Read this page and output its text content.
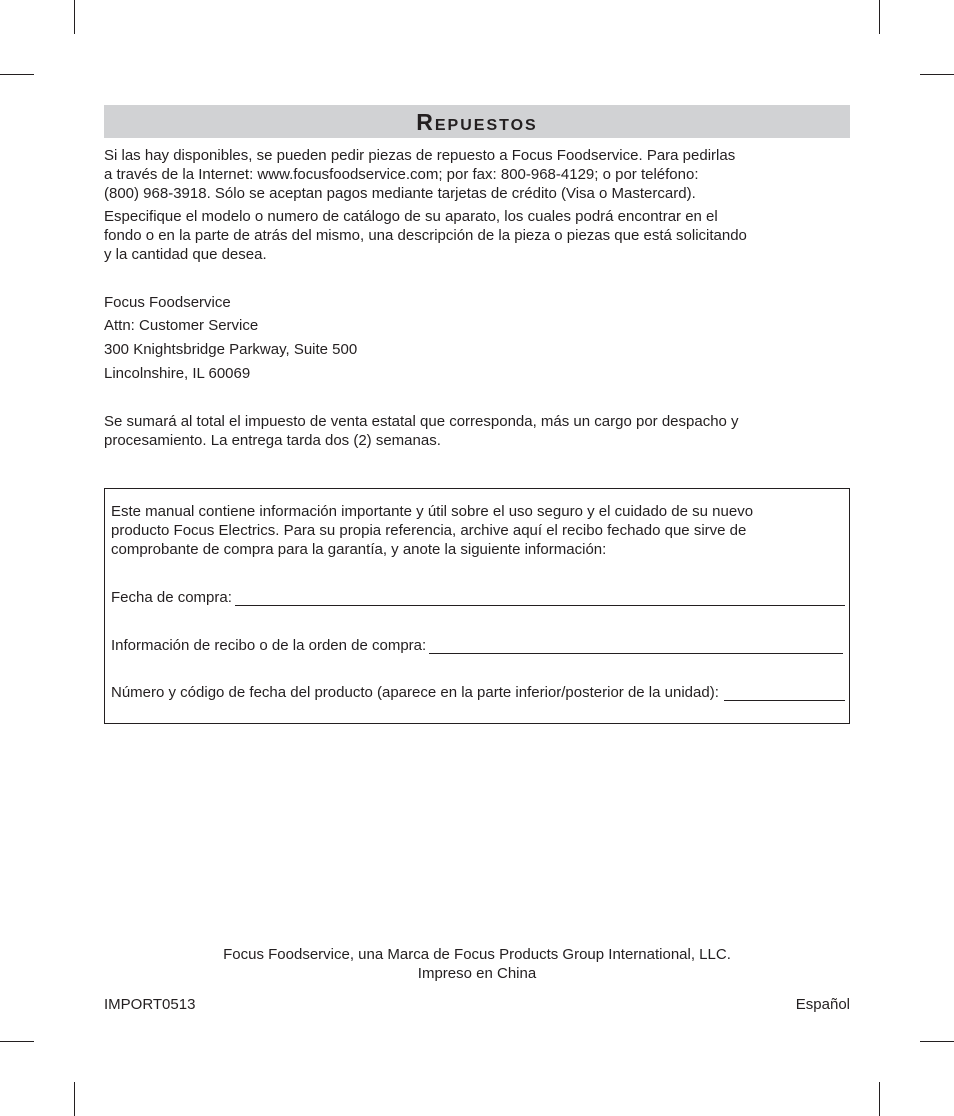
Repuestos
Si las hay disponibles, se pueden pedir piezas de repuesto a Focus Foodservice. Para pedirlas
a través de la Internet: www.focusfoodservice.com; por fax: 800-968-4129; o por teléfono:
(800) 968-3918. Sólo se aceptan pagos mediante tarjetas de crédito (Visa o Mastercard).
Especifique el modelo o numero de catálogo de su aparato, los cuales podrá encontrar en el
fondo o en la parte de atrás del mismo, una descripción de la pieza o piezas que está solicitando
y la cantidad que desea.
Focus Foodservice
Attn: Customer Service
300 Knightsbridge Parkway, Suite 500
Lincolnshire, IL 60069
Se sumará al total el impuesto de venta estatal que corresponda, más un cargo por despacho y
procesamiento. La entrega tarda dos (2) semanas.
Este manual contiene información importante y útil sobre el uso seguro y el cuidado de su nuevo
producto Focus Electrics. Para su propia referencia, archive aquí el recibo fechado que sirve de
comprobante de compra para la garantía, y anote la siguiente información:
Fecha de compra:
Información de recibo o de la orden de compra:
Número y código de fecha del producto (aparece en la parte inferior/posterior de la unidad):
Focus Foodservice, una Marca de Focus Products Group International, LLC.
Impreso en China
IMPORT0513	Español
